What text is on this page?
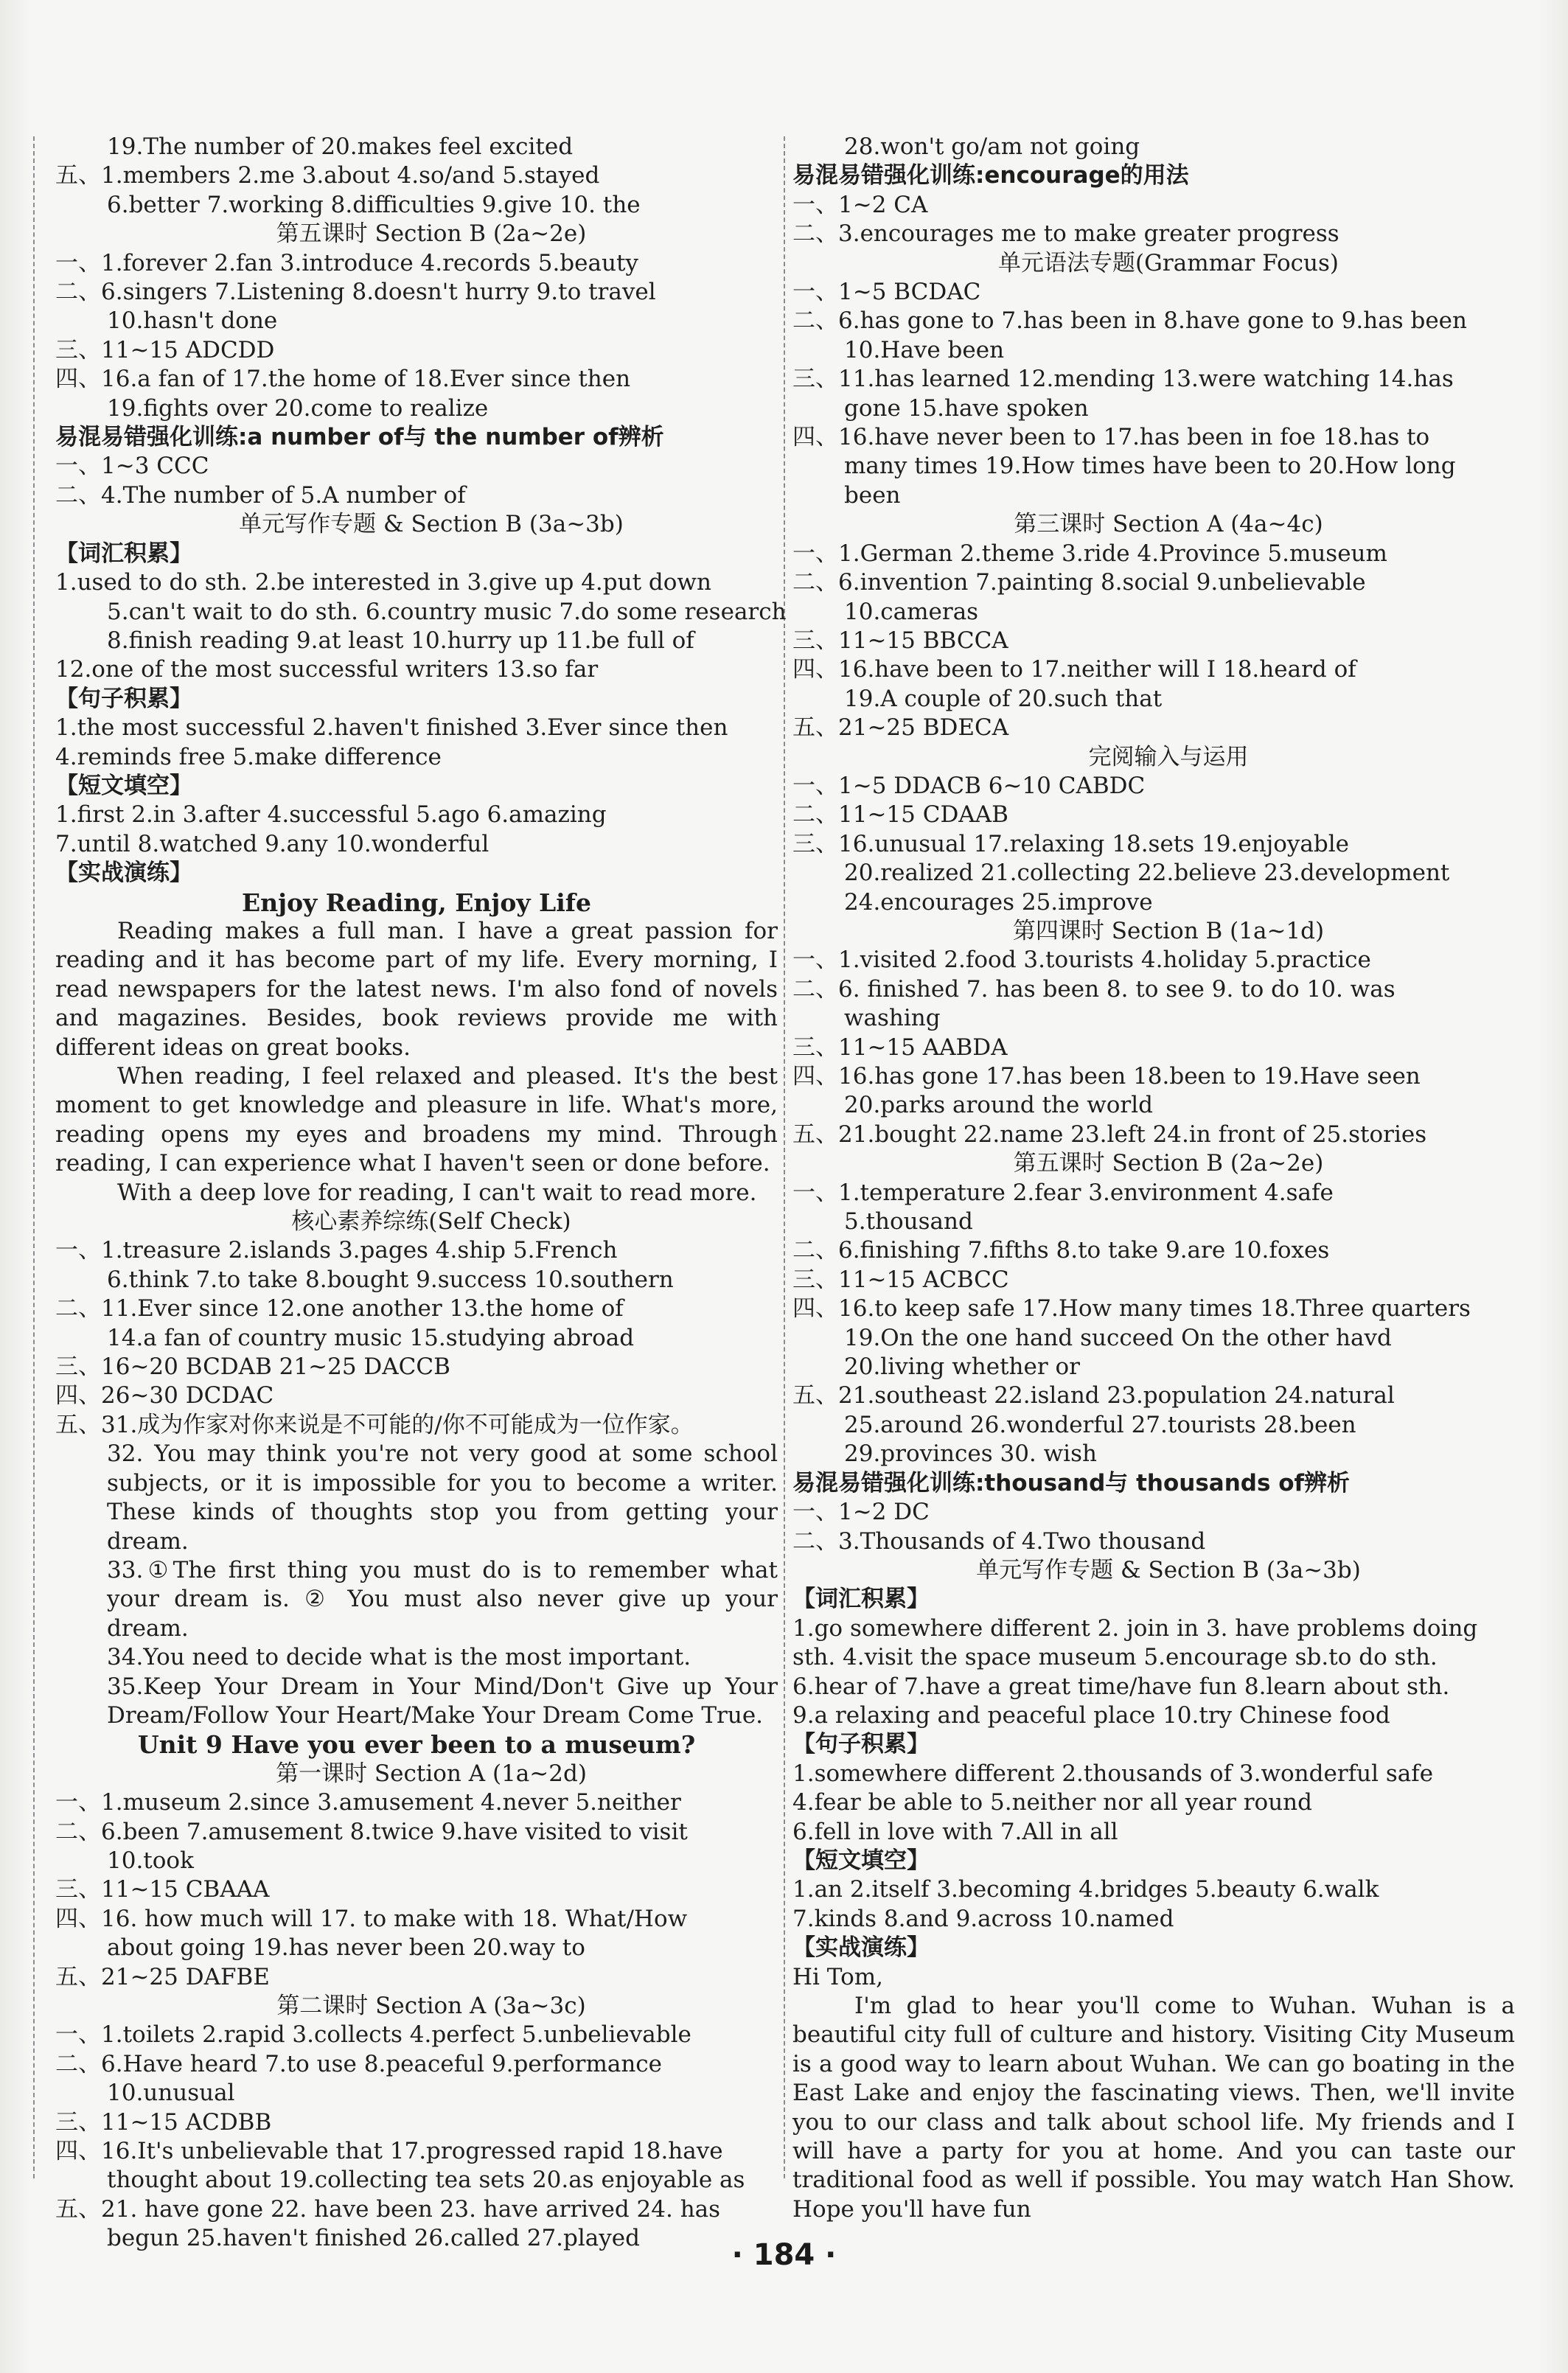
19.The number of 20.makes feel excited
五、1.members 2.me 3.about 4.so/and 5.stayed
6.better 7.working 8.difficulties 9.give 10. the
第五课时 Section B (2a~2e)
一、1.forever 2.fan 3.introduce 4.records 5.beauty
二、6.singers 7.Listening 8.doesn't hurry 9.to travel
10.hasn't done
三、11~15 ADCDD
四、16.a fan of 17.the home of 18.Ever since then
19.fights over 20.come to realize
易混易错强化训练:a number of与 the number of辨析
一、1~3 CCC
二、4.The number of 5.A number of
单元写作专题 & Section B (3a~3b)
【词汇积累】
1.used to do sth. 2.be interested in 3.give up 4.put down
5.can't wait to do sth. 6.country music 7.do some research
8.finish reading 9.at least 10.hurry up 11.be full of
12.one of the most successful writers 13.so far
【句子积累】
1.the most successful 2.haven't finished 3.Ever since then
4.reminds free 5.make difference
【短文填空】
1.first 2.in 3.after 4.successful 5.ago 6.amazing
7.until 8.watched 9.any 10.wonderful
【实战演练】
Enjoy Reading, Enjoy Life
Reading makes a full man. I have a great passion for reading and it has become part of my life. Every morning, I read newspapers for the latest news. I'm also fond of novels and magazines. Besides, book reviews provide me with different ideas on great books.
When reading, I feel relaxed and pleased. It's the best moment to get knowledge and pleasure in life. What's more, reading opens my eyes and broadens my mind. Through reading, I can experience what I haven't seen or done before.
With a deep love for reading, I can't wait to read more.
核心素养综练(Self Check)
一、1.treasure 2.islands 3.pages 4.ship 5.French
6.think 7.to take 8.bought 9.success 10.southern
二、11.Ever since 12.one another 13.the home of
14.a fan of country music 15.studying abroad
三、16~20 BCDAB 21~25 DACCB
四、26~30 DCDAC
五、31.成为作家对你来说是不可能的/你不可能成为一位作家。
32. You may think you're not very good at some school subjects, or it is impossible for you to become a writer. These kinds of thoughts stop you from getting your dream.
33.①The first thing you must do is to remember what your dream is. ② You must also never give up your dream.
34.You need to decide what is the most important.
35.Keep Your Dream in Your Mind/Don't Give up Your Dream/Follow Your Heart/Make Your Dream Come True.
Unit 9 Have you ever been to a museum?
第一课时 Section A (1a~2d)
一、1.museum 2.since 3.amusement 4.never 5.neither
二、6.been 7.amusement 8.twice 9.have visited to visit
10.took
三、11~15 CBAAA
四、16. how much will 17. to make with 18. What/How
about going 19.has never been 20.way to
五、21~25 DAFBE
第二课时 Section A (3a~3c)
一、1.toilets 2.rapid 3.collects 4.perfect 5.unbelievable
二、6.Have heard 7.to use 8.peaceful 9.performance
10.unusual
三、11~15 ACDBB
四、16.It's unbelievable that 17.progressed rapid 18.have
thought about 19.collecting tea sets 20.as enjoyable as
五、21. have gone 22. have been 23. have arrived 24. has
begun 25.haven't finished 26.called 27.played
28.won't go/am not going
易混易错强化训练:encourage的用法
一、1~2 CA
二、3.encourages me to make greater progress
单元语法专题(Grammar Focus)
一、1~5 BCDAC
二、6.has gone to 7.has been in 8.have gone to 9.has been
10.Have been
三、11.has learned 12.mending 13.were watching 14.has
gone 15.have spoken
四、16.have never been to 17.has been in foe 18.has to
many times 19.How times have been to 20.How long
been
第三课时 Section A (4a~4c)
一、1.German 2.theme 3.ride 4.Province 5.museum
二、6.invention 7.painting 8.social 9.unbelievable
10.cameras
三、11~15 BBCCA
四、16.have been to 17.neither will I 18.heard of
19.A couple of 20.such that
五、21~25 BDECA
完阅输入与运用
一、1~5 DDACB 6~10 CABDC
二、11~15 CDAAB
三、16.unusual 17.relaxing 18.sets 19.enjoyable
20.realized 21.collecting 22.believe 23.development
24.encourages 25.improve
第四课时 Section B (1a~1d)
一、1.visited 2.food 3.tourists 4.holiday 5.practice
二、6. finished 7. has been 8. to see 9. to do 10. was
washing
三、11~15 AABDA
四、16.has gone 17.has been 18.been to 19.Have seen
20.parks around the world
五、21.bought 22.name 23.left 24.in front of 25.stories
第五课时 Section B (2a~2e)
一、1.temperature 2.fear 3.environment 4.safe
5.thousand
二、6.finishing 7.fifths 8.to take 9.are 10.foxes
三、11~15 ACBCC
四、16.to keep safe 17.How many times 18.Three quarters
19.On the one hand succeed On the other havd
20.living whether or
五、21.southeast 22.island 23.population 24.natural
25.around 26.wonderful 27.tourists 28.been
29.provinces 30. wish
易混易错强化训练:thousand与 thousands of辨析
一、1~2 DC
二、3.Thousands of 4.Two thousand
单元写作专题 & Section B (3a~3b)
【词汇积累】
1.go somewhere different 2. join in 3. have problems doing
sth. 4.visit the space museum 5.encourage sb.to do sth.
6.hear of 7.have a great time/have fun 8.learn about sth.
9.a relaxing and peaceful place 10.try Chinese food
【句子积累】
1.somewhere different 2.thousands of 3.wonderful safe
4.fear be able to 5.neither nor all year round
6.fell in love with 7.All in all
【短文填空】
1.an 2.itself 3.becoming 4.bridges 5.beauty 6.walk
7.kinds 8.and 9.across 10.named
【实战演练】
Hi Tom,
I'm glad to hear you'll come to Wuhan. Wuhan is a beautiful city full of culture and history. Visiting City Museum is a good way to learn about Wuhan. We can go boating in the East Lake and enjoy the fascinating views. Then, we'll invite you to our class and talk about school life. My friends and I will have a party for you at home. And you can taste our traditional food as well if possible. You may watch Han Show. Hope you'll have fun
· 184 ·
